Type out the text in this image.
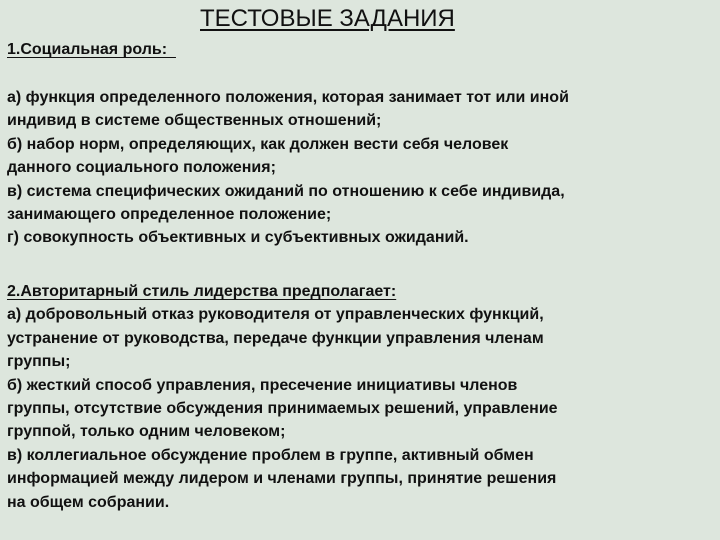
ТЕСТОВЫЕ ЗАДАНИЯ
1.Социальная роль:
а) функция определенного положения, которая занимает тот или иной
индивид в системе общественных отношений;
б) набор норм, определяющих, как должен вести себя человек
данного социального положения;
в) система специфических ожиданий по отношению к себе индивида,
занимающего определенное положение;
г) совокупность объективных и субъективных ожиданий.
2.Авторитарный стиль лидерства предполагает:
а) добровольный отказ руководителя от управленческих функций,
устранение от руководства, передаче функции управления членам
группы;
б) жесткий способ управления, пресечение инициативы членов
группы, отсутствие обсуждения принимаемых решений, управление
группой, только одним человеком;
в) коллегиальное обсуждение проблем в группе, активный обмен
информацией между лидером и членами группы, принятие решения
на общем собрании.
